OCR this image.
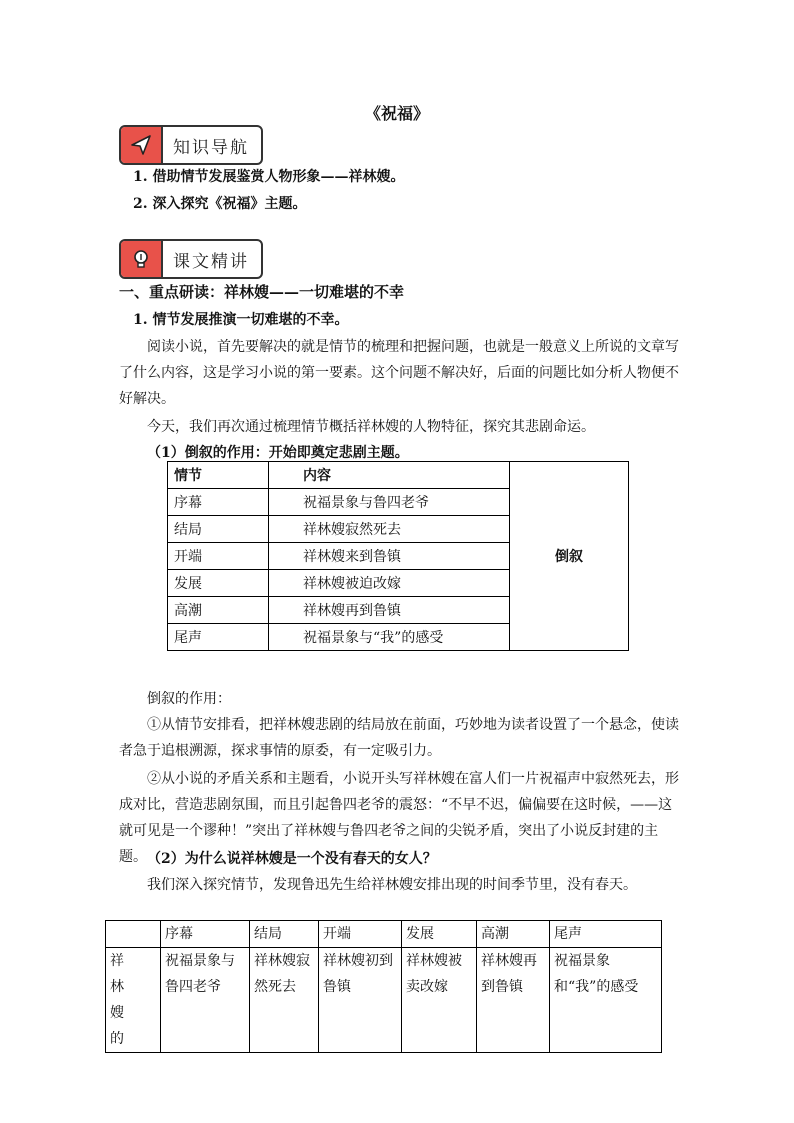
《祝福》
知识导航
1. 借助情节发展鉴赏人物形象——祥林嫂。
2. 深入探究《祝福》主题。
课文精讲
一、重点研读：祥林嫂——一切难堪的不幸
1. 情节发展推演一切难堪的不幸。
阅读小说，首先要解决的就是情节的梳理和把握问题，也就是一般意义上所说的文章写了什么内容，这是学习小说的第一要素。这个问题不解决好，后面的问题比如分析人物便不好解决。
今天，我们再次通过梳理情节概括祥林嫂的人物特征，探究其悲剧命运。
（1）倒叙的作用：开始即奠定悲剧主题。
情节	内容	倒叙
序幕	祝福景象与鲁四老爷	
结局	祥林嫂寂然死去	
开端	祥林嫂来到鲁镇	
发展	祥林嫂被迫改嫁	
高潮	祥林嫂再到鲁镇	
尾声	祝福景象与“我”的感受	
倒叙的作用：
①从情节安排看，把祥林嫂悲剧的结局放在前面，巧妙地为读者设置了一个悬念，使读者急于追根溯源，探求事情的原委，有一定吸引力。
②从小说的矛盾关系和主题看，小说开头写祥林嫂在富人们一片祝福声中寂然死去，形成对比，营造悲剧氛围，而且引起鲁四老爷的震怒：“不早不迟，偏偏要在这时候，——这就可见是一个谬种！”突出了祥林嫂与鲁四老爷之间的尖锐矛盾，突出了小说反封建的主题。 （2）为什么说祥林嫂是一个没有春天的女人？
我们深入探究情节，发现鲁迅先生给祥林嫂安排出现的时间季节里，没有春天。
	序幕	结局	开端	发展	高潮	尾声
祥 林 嫂 的	祝福景象与鲁四老爷	祥林嫂寂然死去	祥林嫂初到鲁镇	祥林嫂被卖改嫁	祥林嫂再到鲁镇	祝福景象和“我”的感受
